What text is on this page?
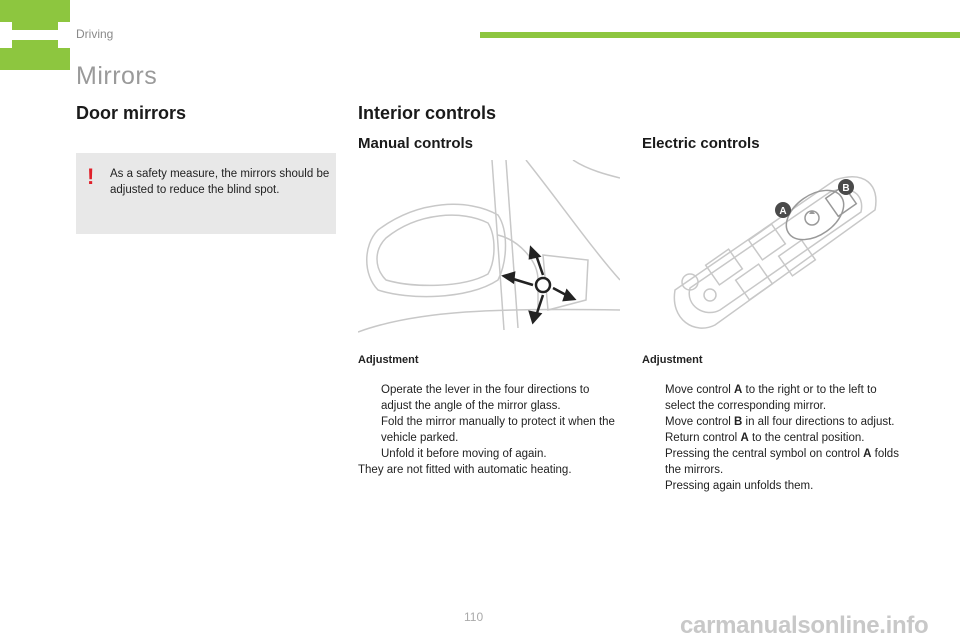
Driving
Mirrors
Door mirrors
! As a safety measure, the mirrors should be adjusted to reduce the blind spot.
Interior controls
Manual controls	Electric controls
A
B
Adjustment
Operate the lever in the four directions to adjust the angle of the mirror glass.
Fold the mirror manually to protect it when the vehicle parked.
Unfold it before moving of again.
They are not fitted with automatic heating.
Adjustment
Move control A to the right or to the left to select the corresponding mirror.
Move control B in all four directions to adjust.
Return control A to the central position.
Pressing the central symbol on control A folds the mirrors.
Pressing again unfolds them.
110	carmanualsonline.info
